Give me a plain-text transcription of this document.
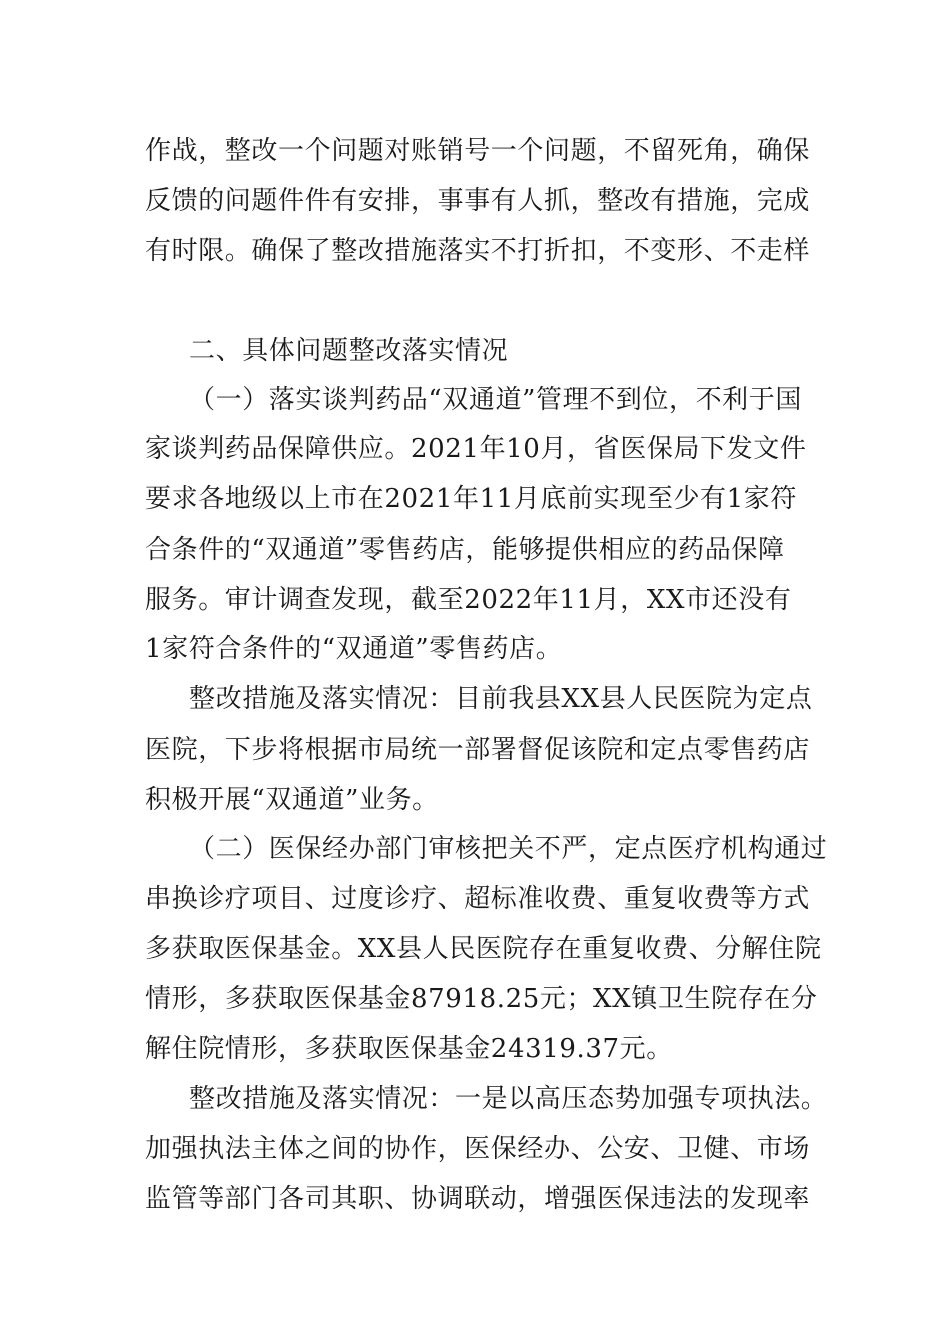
作战，整改一个问题对账销号一个问题，不留死角，确保
反馈的问题件件有安排，事事有人抓，整改有措施，完成
有时限。确保了整改措施落实不打折扣，不变形、不走样
二、具体问题整改落实情况
（一）落实谈判药品“双通道”管理不到位，不利于国
家谈判药品保障供应。2021年10月，省医保局下发文件
要求各地级以上市在2021年11月底前实现至少有1家符
合条件的“双通道”零售药店，能够提供相应的药品保障
服务。审计调查发现，截至2022年11月，XX市还没有
1家符合条件的“双通道”零售药店。
整改措施及落实情况：目前我县XX县人民医院为定点
医院，下步将根据市局统一部署督促该院和定点零售药店
积极开展“双通道”业务。
（二）医保经办部门审核把关不严，定点医疗机构通过
串换诊疗项目、过度诊疗、超标准收费、重复收费等方式
多获取医保基金。XX县人民医院存在重复收费、分解住院
情形，多获取医保基金87918.25元；XX镇卫生院存在分
解住院情形，多获取医保基金24319.37元。
整改措施及落实情况：一是以高压态势加强专项执法。
加强执法主体之间的协作，医保经办、公安、卫健、市场
监管等部门各司其职、协调联动，增强医保违法的发现率
